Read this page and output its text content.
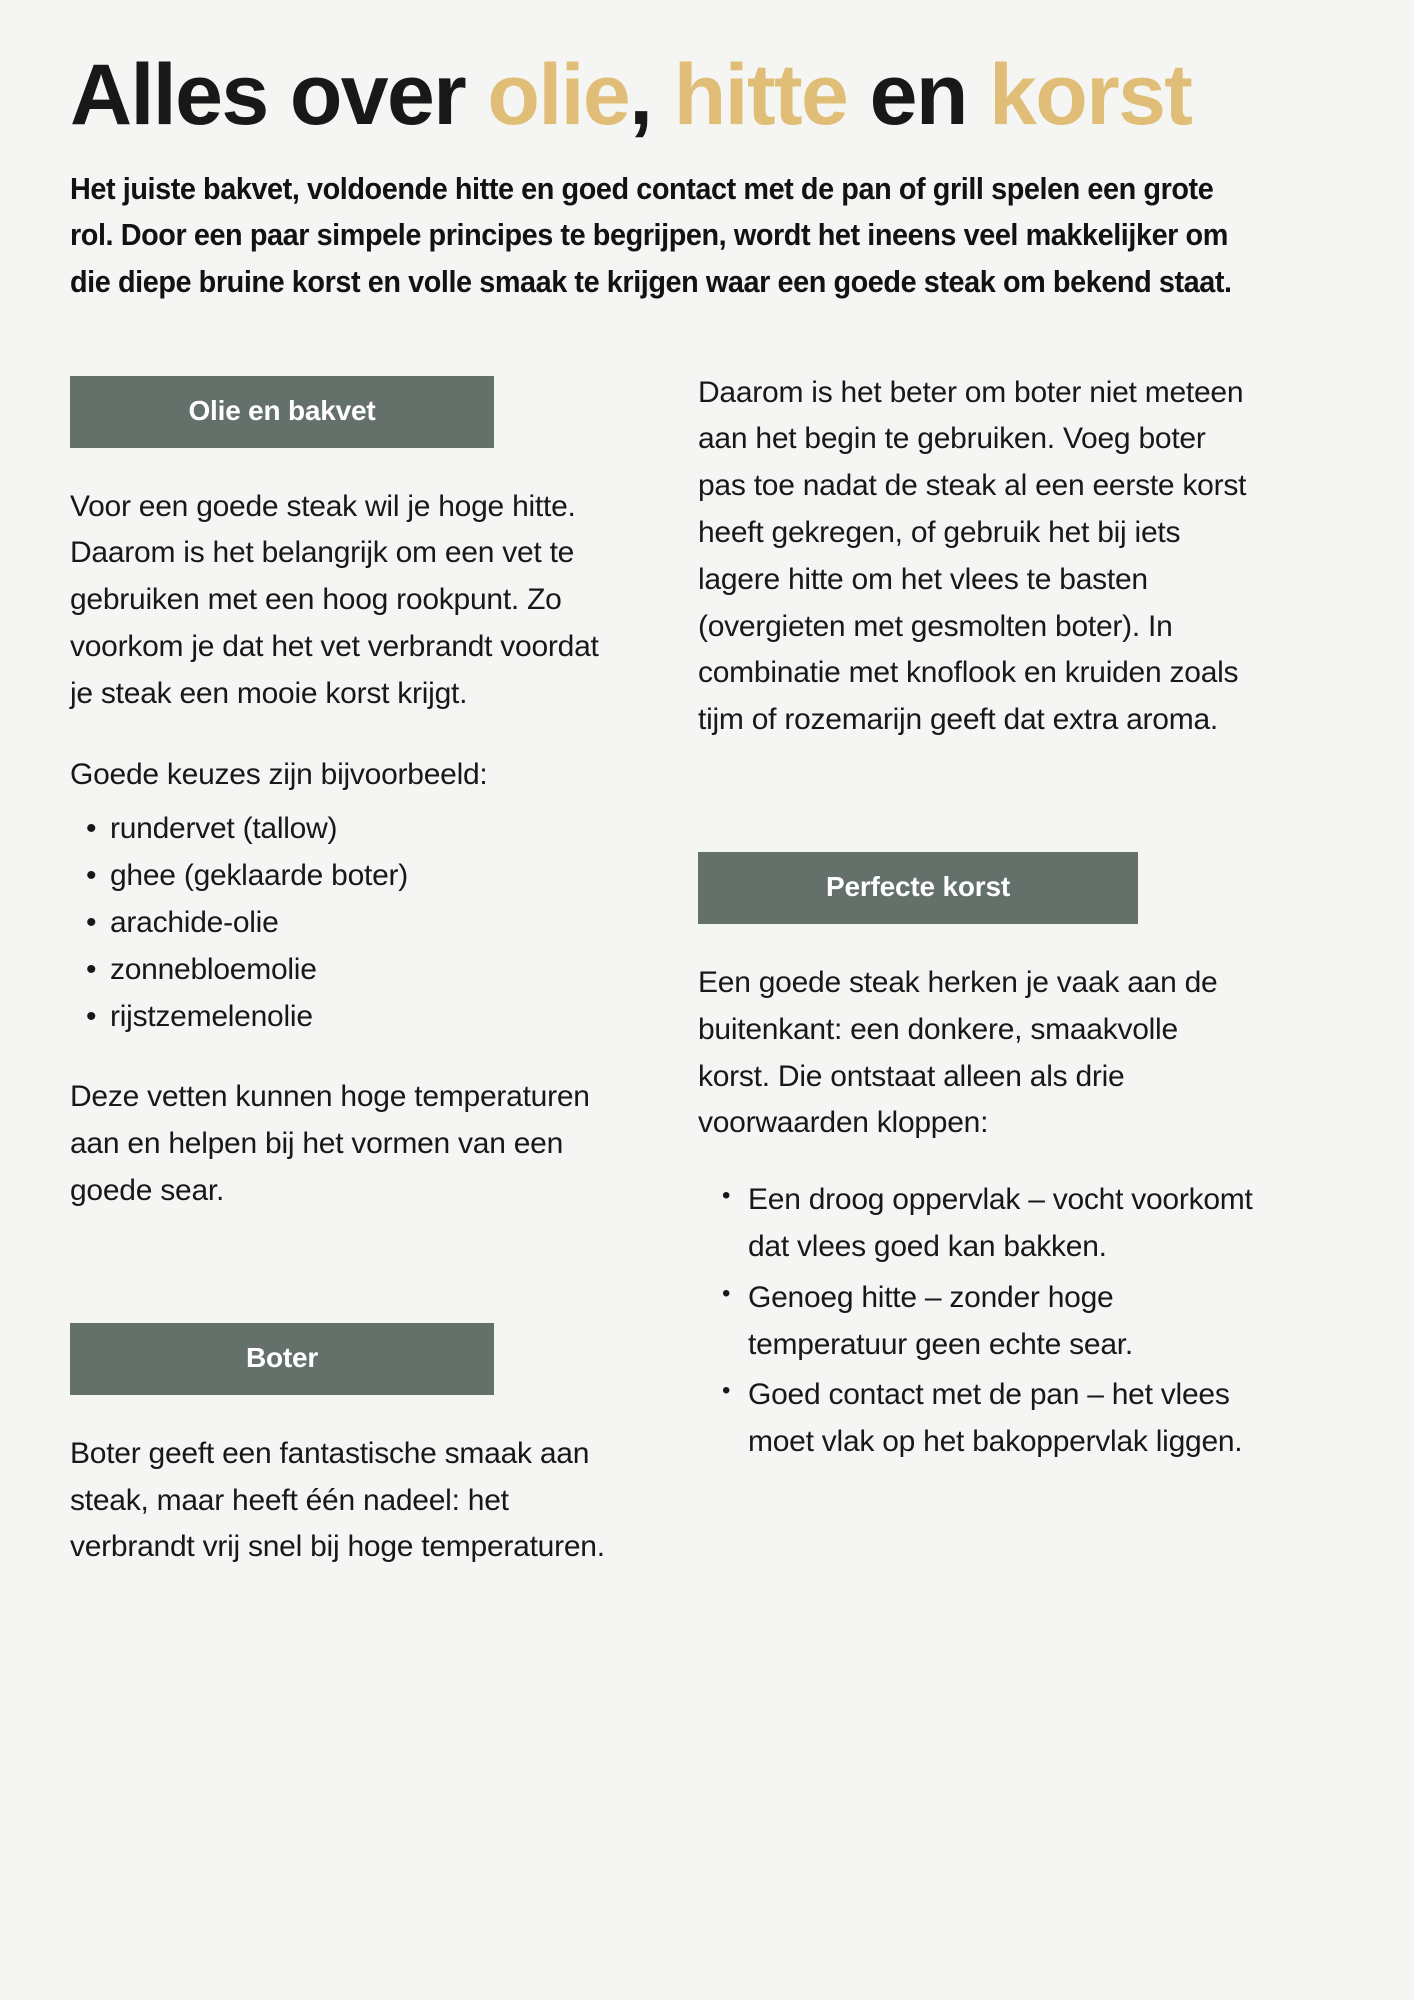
Alles over olie, hitte en korst

Het juiste bakvet, voldoende hitte en goed contact met de pan of grill spelen een grote rol. Door een paar simpele principes te begrijpen, wordt het ineens veel makkelijker om die diepe bruine korst en volle smaak te krijgen waar een goede steak om bekend staat.

Olie en bakvet

Voor een goede steak wil je hoge hitte. Daarom is het belangrijk om een vet te gebruiken met een hoog rookpunt. Zo voorkom je dat het vet verbrandt voordat je steak een mooie korst krijgt.

Goede keuzes zijn bijvoorbeeld:

• rundervet (tallow)
• ghee (geklaarde boter)
• arachide-olie
• zonnebloemolie
• rijstzemelenolie

Deze vetten kunnen hoge temperaturen aan en helpen bij het vormen van een goede sear.

Boter

Boter geeft een fantastische smaak aan steak, maar heeft één nadeel: het verbrandt vrij snel bij hoge temperaturen.

Daarom is het beter om boter niet meteen aan het begin te gebruiken. Voeg boter pas toe nadat de steak al een eerste korst heeft gekregen, of gebruik het bij iets lagere hitte om het vlees te basten (overgieten met gesmolten boter). In combinatie met knoflook en kruiden zoals tijm of rozemarijn geeft dat extra aroma.

Perfecte korst

Een goede steak herken je vaak aan de buitenkant: een donkere, smaakvolle korst. Die ontstaat alleen als drie voorwaarden kloppen:

• Een droog oppervlak – vocht voorkomt dat vlees goed kan bakken.
• Genoeg hitte – zonder hoge temperatuur geen echte sear.
• Goed contact met de pan – het vlees moet vlak op het bakoppervlak liggen.
